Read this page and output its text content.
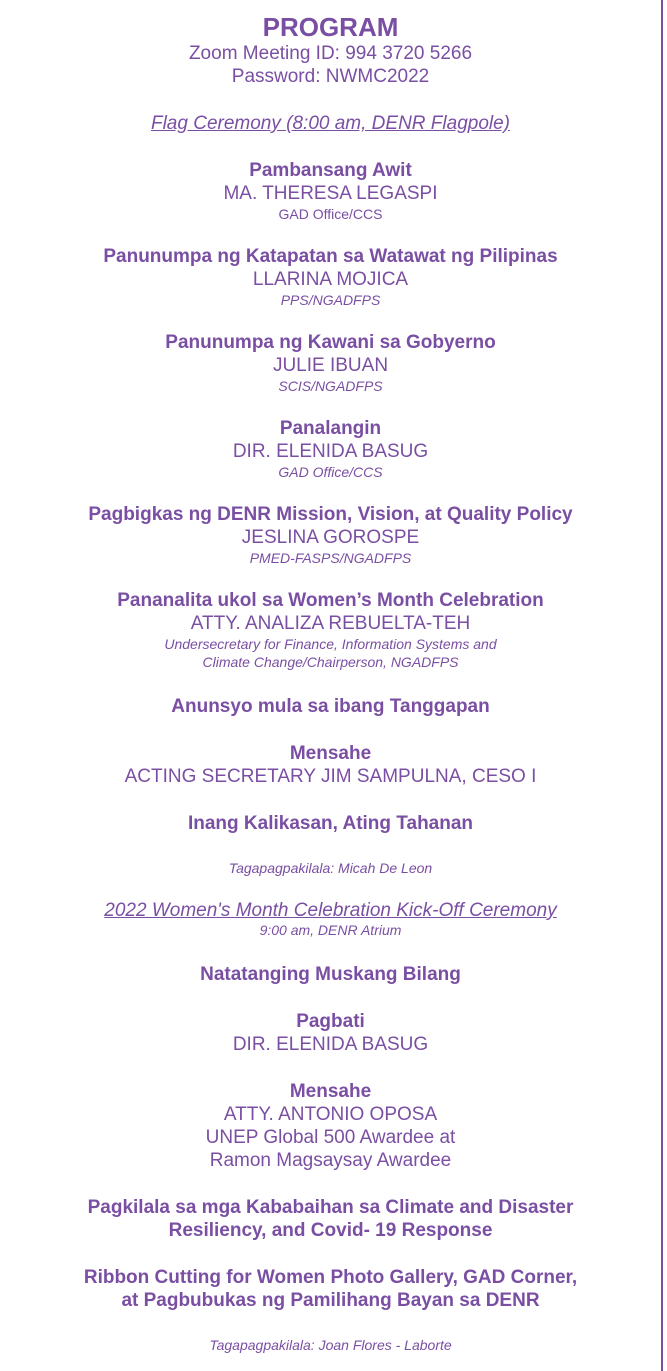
PROGRAM
Zoom Meeting ID: 994 3720 5266
Password: NWMC2022
Flag Ceremony (8:00 am, DENR Flagpole)
Pambansang Awit
MA. THERESA LEGASPI
GAD Office/CCS
Panunumpa ng Katapatan sa Watawat ng Pilipinas
LLARINA MOJICA
PPS/NGADFPS
Panunumpa ng Kawani sa Gobyerno
JULIE IBUAN
SCIS/NGADFPS
Panalangin
DIR. ELENIDA BASUG
GAD Office/CCS
Pagbigkas ng DENR Mission, Vision, at Quality Policy
JESLINA GOROSPE
PMED-FASPS/NGADFPS
Pananalita ukol sa Women’s Month Celebration
ATTY. ANALIZA REBUELTA-TEH
Undersecretary for Finance, Information Systems and
Climate Change/Chairperson, NGADFPS
Anunsyo mula sa ibang Tanggapan
Mensahe
ACTING SECRETARY JIM SAMPULNA, CESO I
Inang Kalikasan, Ating Tahanan
Tagapagpakilala: Micah De Leon
2022 Women's Month Celebration Kick-Off Ceremony
9:00 am, DENR Atrium
Natatanging Muskang Bilang
Pagbati
DIR. ELENIDA BASUG
Mensahe
ATTY. ANTONIO OPOSA
UNEP Global 500 Awardee at
Ramon Magsaysay Awardee
Pagkilala sa mga Kababaihan sa Climate and Disaster
Resiliency, and Covid- 19 Response
Ribbon Cutting for Women Photo Gallery, GAD Corner,
at Pagbubukas ng Pamilihang Bayan sa DENR
Tagapagpakilala: Joan Flores - Laborte
